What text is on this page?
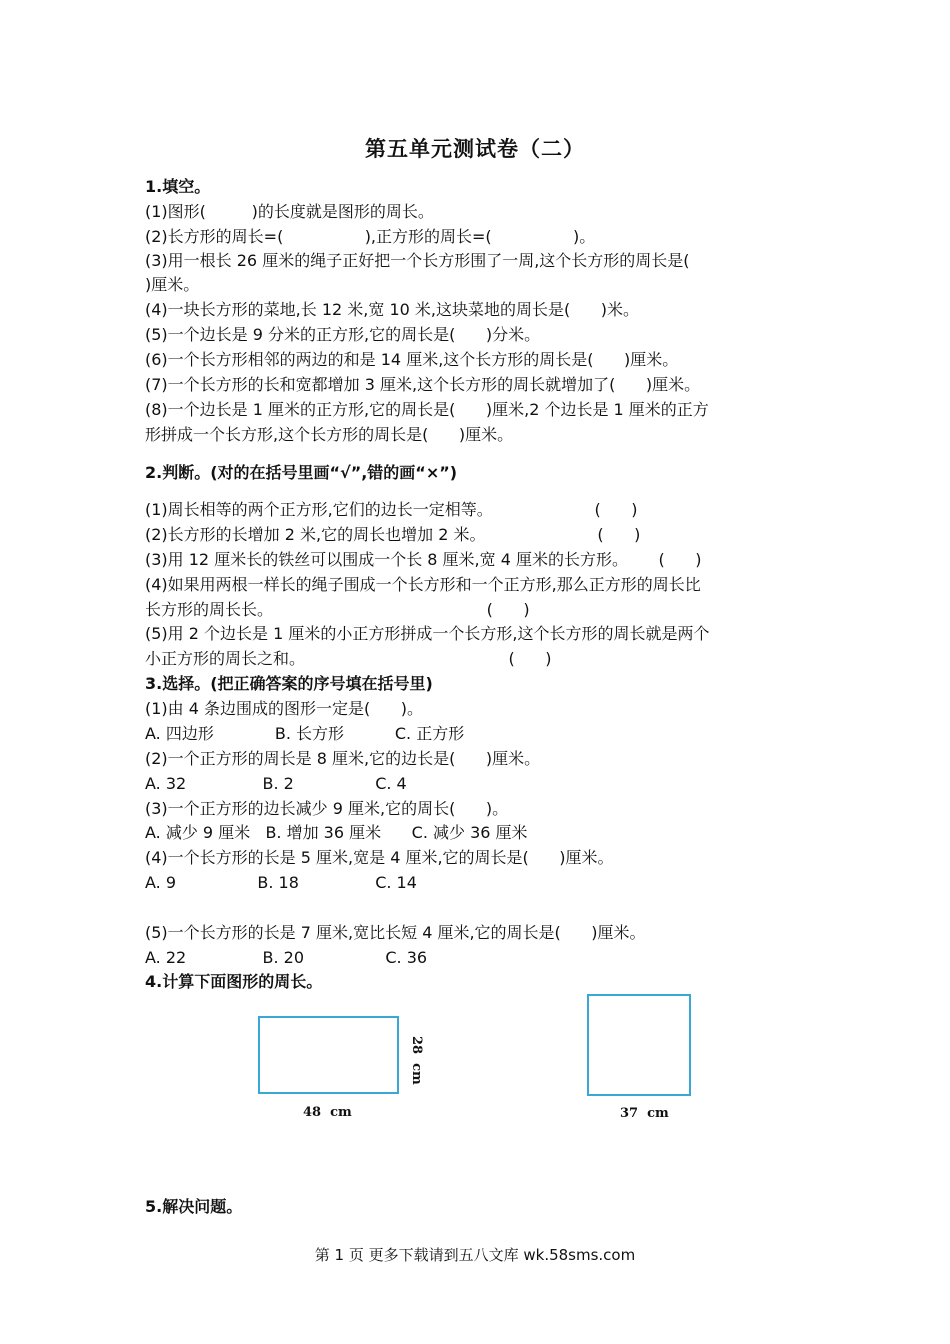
第五单元测试卷（二）
1.填空。
(1)图形(         )的长度就是图形的周长。
(2)长方形的周长=(                ),正方形的周长=(                )。
(3)用一根长 26 厘米的绳子正好把一个长方形围了一周,这个长方形的周长是(
)厘米。
(4)一块长方形的菜地,长 12 米,宽 10 米,这块菜地的周长是(      )米。
(5)一个边长是 9 分米的正方形,它的周长是(      )分米。
(6)一个长方形相邻的两边的和是 14 厘米,这个长方形的周长是(      )厘米。
(7)一个长方形的长和宽都增加 3 厘米,这个长方形的周长就增加了(      )厘米。
(8)一个边长是 1 厘米的正方形,它的周长是(      )厘米,2 个边长是 1 厘米的正方
形拼成一个长方形,这个长方形的周长是(      )厘米。
2.判断。(对的在括号里画“√”,错的画“×”)
(1)周长相等的两个正方形,它们的边长一定相等。                    (      )
(2)长方形的长增加 2 米,它的周长也增加 2 米。                      (      )
(3)用 12 厘米长的铁丝可以围成一个长 8 厘米,宽 4 厘米的长方形。      (      )
(4)如果用两根一样长的绳子围成一个长方形和一个正方形,那么正方形的周长比
长方形的周长长。                                          (      )
(5)用 2 个边长是 1 厘米的小正方形拼成一个长方形,这个长方形的周长就是两个
小正方形的周长之和。                                        (      )
3.选择。(把正确答案的序号填在括号里)
(1)由 4 条边围成的图形一定是(      )。
A. 四边形            B. 长方形          C. 正方形
(2)一个正方形的周长是 8 厘米,它的边长是(      )厘米。
A. 32               B. 2                C. 4
(3)一个正方形的边长减少 9 厘米,它的周长(      )。
A. 减少 9 厘米   B. 增加 36 厘米      C. 减少 36 厘米
(4)一个长方形的长是 5 厘米,宽是 4 厘米,它的周长是(      )厘米。
A. 9                B. 18               C. 14
(5)一个长方形的长是 7 厘米,宽比长短 4 厘米,它的周长是(      )厘米。
A. 22               B. 20                C. 36
4.计算下面图形的周长。
28  cm
48  cm	37  cm
5.解决问题。
第 1 页 更多下载请到五八文库 wk.58sms.com
